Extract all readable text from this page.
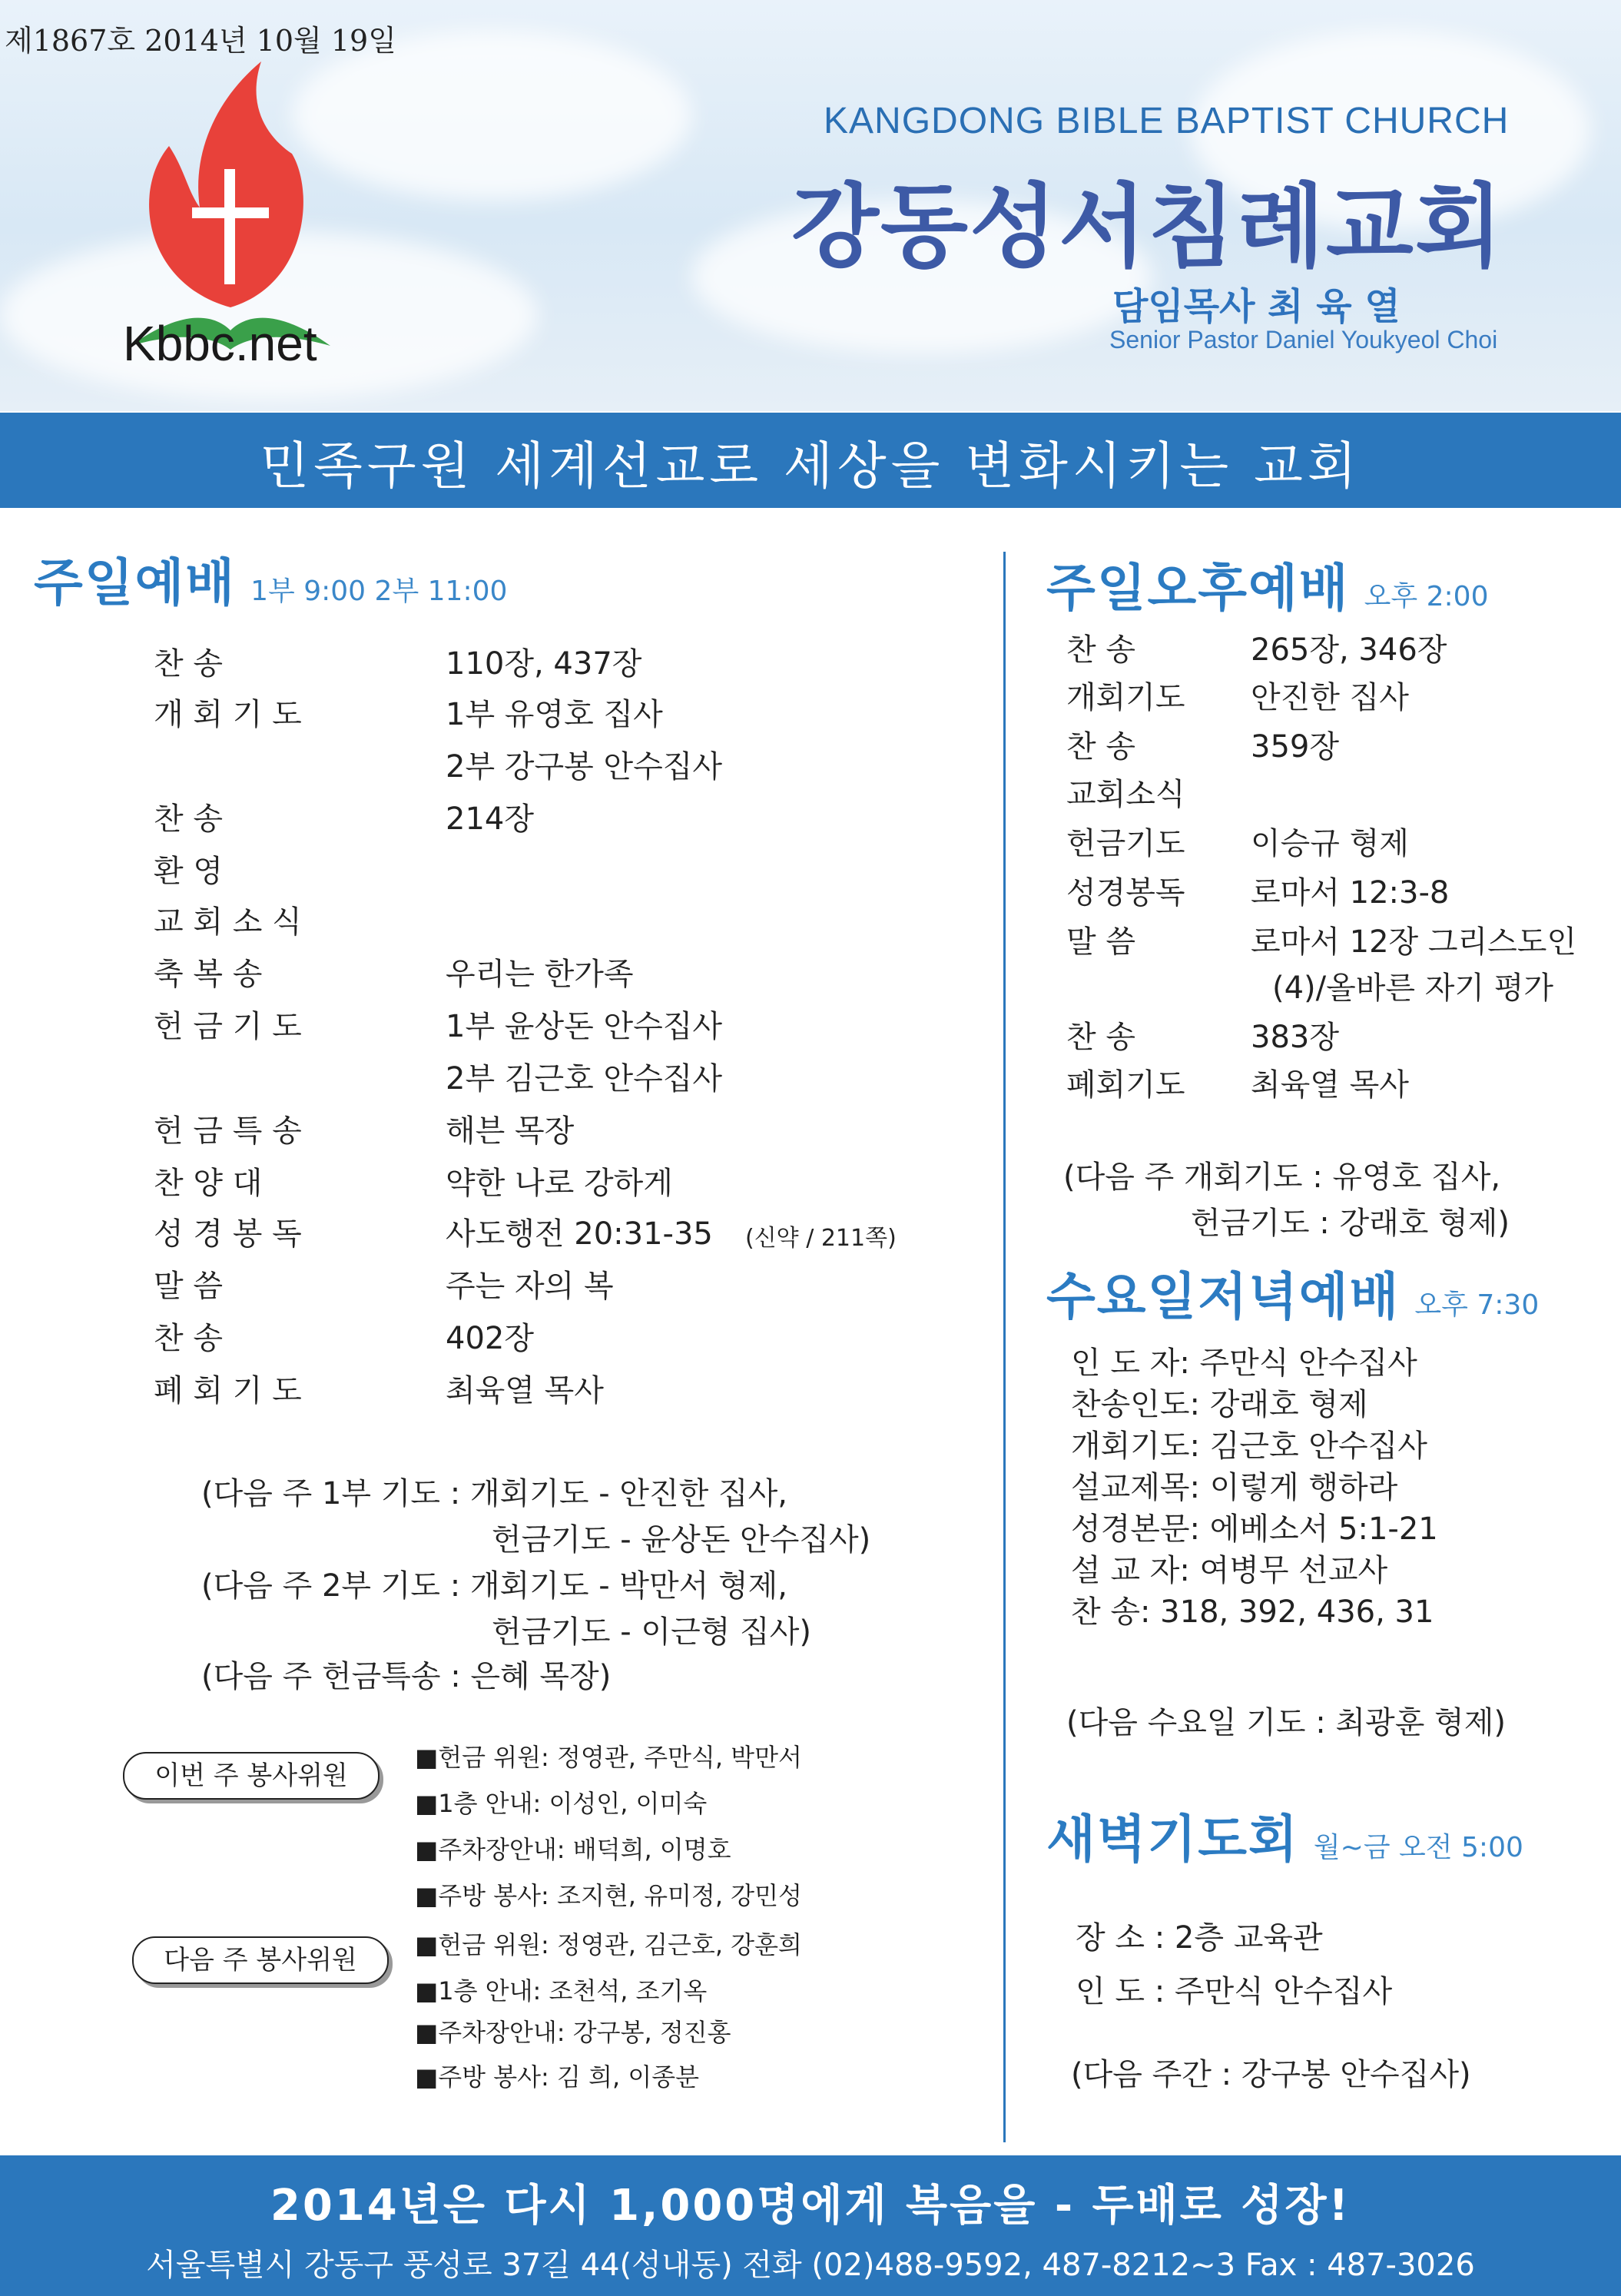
제1867호 2014년 10월 19일
Kbbc.net
KANGDONG BIBLE BAPTIST CHURCH
강동성서침례교회
담임목사 최 육 열
Senior Pastor Daniel Youkyeol Choi
민족구원 세계선교로 세상을 변화시키는 교회
주일예배 1부 9:00 2부 11:00
찬 송	110장, 437장
개 회 기 도	1부 유영호 집사
2부 강구봉 안수집사
찬 송	214장
환 영
교 회 소 식
축 복 송	우리는 한가족
헌 금 기 도	1부 윤상돈 안수집사
2부 김근호 안수집사
헌 금 특 송	해븐 목장
찬 양 대	약한 나로 강하게
성 경 봉 독	사도행전 20:31-35 (신약 / 211쪽)
말 씀	주는 자의 복
찬 송	402장
폐 회 기 도	최육열 목사
(다음 주 1부 기도 : 개회기도 - 안진한 집사,
헌금기도 - 윤상돈 안수집사)
(다음 주 2부 기도 : 개회기도 - 박만서 형제,
헌금기도 - 이근형 집사)
(다음 주 헌금특송 : 은혜 목장)
이번 주 봉사위원
다음 주 봉사위원
■헌금 위원: 정영관, 주만식, 박만서
■1층 안내: 이성인, 이미숙
■주차장안내: 배덕희, 이명호
■주방 봉사: 조지현, 유미정, 강민성
■헌금 위원: 정영관, 김근호, 강훈희
■1층 안내: 조천석, 조기옥
■주차장안내: 강구봉, 정진홍
■주방 봉사: 김 희, 이종분
주일오후예배 오후 2:00
찬 송	265장, 346장
개회기도 안진한 집사
찬 송	359장
교회소식
헌금기도 이승규 형제
성경봉독 로마서 12:3-8
말 씀	로마서 12장 그리스도인
(4)/올바른 자기 평가
찬 송	383장
폐회기도 최육열 목사
(다음 주 개회기도 : 유영호 집사,
헌금기도 : 강래호 형제)
수요일저녁예배 오후 7:30
인 도 자: 주만식 안수집사
찬송인도: 강래호 형제
개회기도: 김근호 안수집사
설교제목: 이렇게 행하라
성경본문: 에베소서 5:1-21
설 교 자: 여병무 선교사
찬 송: 318, 392, 436, 31
(다음 수요일 기도 : 최광훈 형제)
새벽기도회 월~금 오전 5:00
장 소 : 2층 교육관
인 도 : 주만식 안수집사
(다음 주간 : 강구봉 안수집사)
2014년은 다시 1,000명에게 복음을 - 두배로 성장!
서울특별시 강동구 풍성로 37길 44(성내동) 전화 (02)488-9592, 487-8212~3 Fax : 487-3026
